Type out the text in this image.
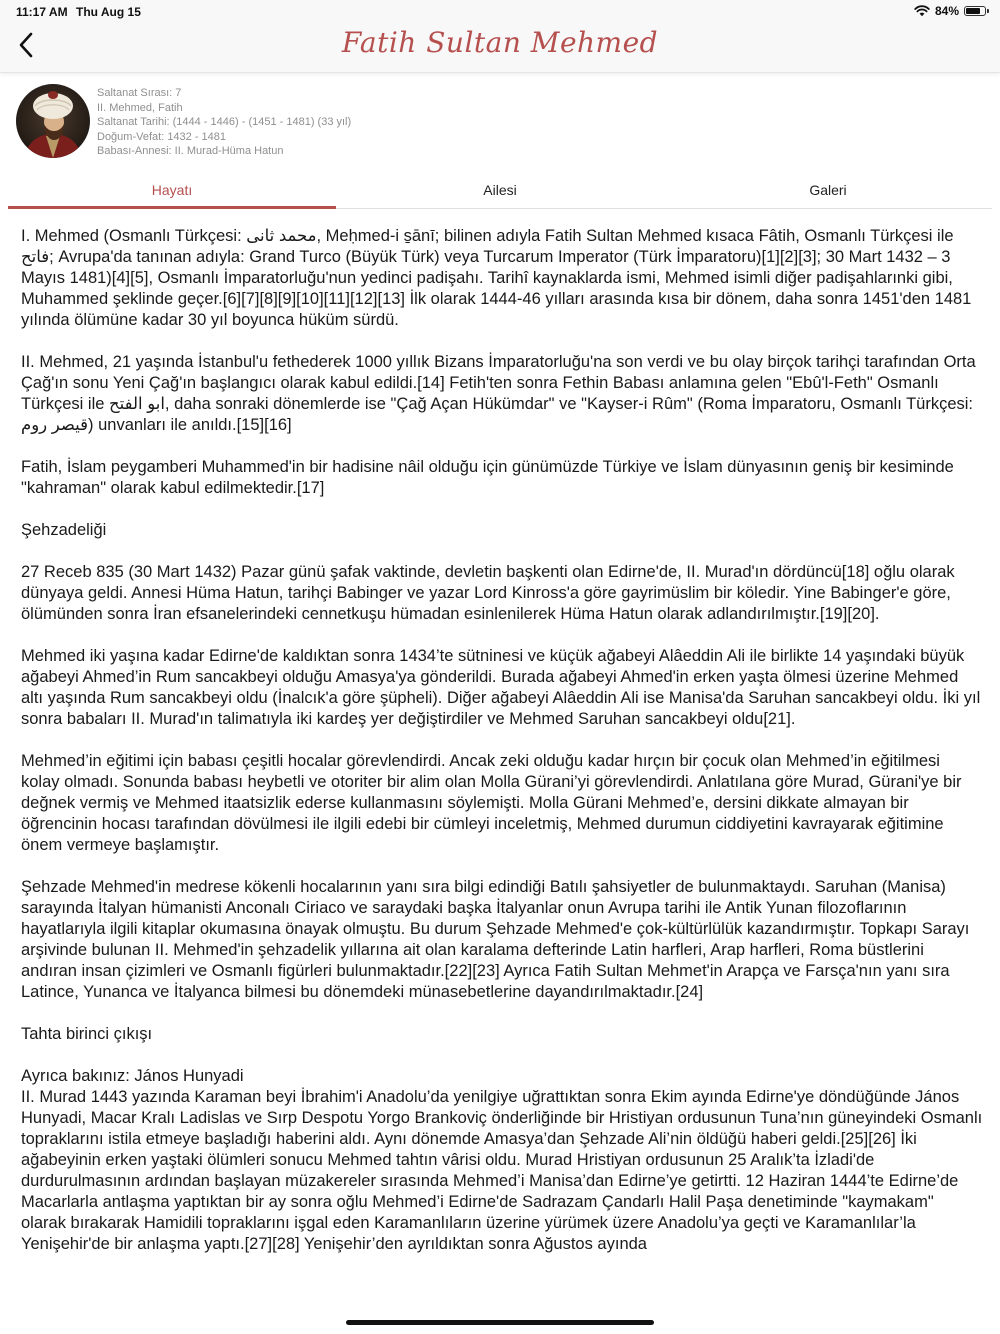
11:17 AM Thu Aug 15	84%
Fatih Sultan Mehmed
Saltanat Sırası: 7
II. Mehmed, Fatih
Saltanat Tarihi: (1444 - 1446) - (1451 - 1481) (33 yıl)
Doğum-Vefat: 1432 - 1481
Babası-Annesi: II. Murad-Hüma Hatun
Hayatı	Ailesi	Galeri

I. Mehmed (Osmanlı Türkçesi: محمد ثانى, Meḥmed-i s̱ānī; bilinen adıyla Fatih Sultan Mehmed kısaca Fâtih, Osmanlı Türkçesi ile فاتح; Avrupa'da tanınan adıyla: Grand Turco (Büyük Türk) veya Turcarum Imperator (Türk İmparatoru)[1][2][3]; 30 Mart 1432 – 3 Mayıs 1481)[4][5], Osmanlı İmparatorluğu'nun yedinci padişahı. Tarihî kaynaklarda ismi, Mehmed isimli diğer padişahlarınki gibi, Muhammed şeklinde geçer.[6][7][8][9][10][11][12][13] İlk olarak 1444-46 yılları arasında kısa bir dönem, daha sonra 1451'den 1481 yılında ölümüne kadar 30 yıl boyunca hüküm sürdü.

II. Mehmed, 21 yaşında İstanbul'u fethederek 1000 yıllık Bizans İmparatorluğu'na son verdi ve bu olay birçok tarihçi tarafından Orta Çağ'ın sonu Yeni Çağ'ın başlangıcı olarak kabul edildi.[14] Fetih'ten sonra Fethin Babası anlamına gelen "Ebû'l-Feth" Osmanlı Türkçesi ile ابو الفتح, daha sonraki dönemlerde ise "Çağ Açan Hükümdar" ve "Kayser-i Rûm" (Roma İmparatoru, Osmanlı Türkçesi: قيصر روم) unvanları ile anıldı.[15][16]

Fatih, İslam peygamberi Muhammed'in bir hadisine nâil olduğu için günümüzde Türkiye ve İslam dünyasının geniş bir kesiminde "kahraman" olarak kabul edilmektedir.[17]

Şehzadeliği

27 Receb 835 (30 Mart 1432) Pazar günü şafak vaktinde, devletin başkenti olan Edirne'de, II. Murad'ın dördüncü[18] oğlu olarak dünyaya geldi. Annesi Hüma Hatun, tarihçi Babinger ve yazar Lord Kinross'a göre gayrimüslim bir köledir. Yine Babinger'e göre, ölümünden sonra İran efsanelerindeki cennetkuşu hümadan esinlenilerek Hüma Hatun olarak adlandırılmıştır.[19][20].

Mehmed iki yaşına kadar Edirne'de kaldıktan sonra 1434’te sütninesi ve küçük ağabeyi Alâeddin Ali ile birlikte 14 yaşındaki büyük ağabeyi Ahmed’in Rum sancakbeyi olduğu Amasya'ya gönderildi. Burada ağabeyi Ahmed'in erken yaşta ölmesi üzerine Mehmed altı yaşında Rum sancakbeyi oldu (İnalcık'a göre şüpheli). Diğer ağabeyi Alâeddin Ali ise Manisa'da Saruhan sancakbeyi oldu. İki yıl sonra babaları II. Murad'ın talimatıyla iki kardeş yer değiştirdiler ve Mehmed Saruhan sancakbeyi oldu[21].

Mehmed’in eğitimi için babası çeşitli hocalar görevlendirdi. Ancak zeki olduğu kadar hırçın bir çocuk olan Mehmed’in eğitilmesi kolay olmadı. Sonunda babası heybetli ve otoriter bir alim olan Molla Gürani’yi görevlendirdi. Anlatılana göre Murad, Gürani'ye bir değnek vermiş ve Mehmed itaatsizlik ederse kullanmasını söylemişti. Molla Gürani Mehmed’e, dersini dikkate almayan bir öğrencinin hocası tarafından dövülmesi ile ilgili edebi bir cümleyi inceletmiş, Mehmed durumun ciddiyetini kavrayarak eğitimine önem vermeye başlamıştır.

Şehzade Mehmed'in medrese kökenli hocalarının yanı sıra bilgi edindiği Batılı şahsiyetler de bulunmaktaydı. Saruhan (Manisa) sarayında İtalyan hümanisti Anconalı Ciriaco ve saraydaki başka İtalyanlar onun Avrupa tarihi ile Antik Yunan filozoflarının hayatlarıyla ilgili kitaplar okumasına önayak olmuştu. Bu durum Şehzade Mehmed'e çok-kültürlülük kazandırmıştır. Topkapı Sarayı arşivinde bulunan II. Mehmed'in şehzadelik yıllarına ait olan karalama defterinde Latin harfleri, Arap harfleri, Roma büstlerini andıran insan çizimleri ve Osmanlı figürleri bulunmaktadır.[22][23] Ayrıca Fatih Sultan Mehmet'in Arapça ve Farsça'nın yanı sıra Latince, Yunanca ve İtalyanca bilmesi bu dönemdeki münasebetlerine dayandırılmaktadır.[24]

Tahta birinci çıkışı

Ayrıca bakınız: János Hunyadi

II. Murad 1443 yazında Karaman beyi İbrahim'i Anadolu’da yenilgiye uğrattıktan sonra Ekim ayında Edirne'ye döndüğünde János Hunyadi, Macar Kralı Ladislas ve Sırp Despotu Yorgo Brankoviç önderliğinde bir Hristiyan ordusunun Tuna’nın güneyindeki Osmanlı topraklarını istila etmeye başladığı haberini aldı. Aynı dönemde Amasya’dan Şehzade Ali’nin öldüğü haberi geldi.[25][26] İki ağabeyinin erken yaştaki ölümleri sonucu Mehmed tahtın vârisi oldu. Murad Hristiyan ordusunun 25 Aralık’ta İzladi'de durdurulmasının ardından başlayan müzakereler sırasında Mehmed’i Manisa’dan Edirne’ye getirtti. 12 Haziran 1444’te Edirne’de Macarlarla antlaşma yaptıktan bir ay sonra oğlu Mehmed’i Edirne'de Sadrazam Çandarlı Halil Paşa denetiminde "kaymakam" olarak bırakarak Hamidili topraklarını işgal eden Karamanlıların üzerine yürümek üzere Anadolu’ya geçti ve Karamanlılar’la Yenişehir'de bir anlaşma yaptı.[27][28] Yenişehir’den ayrıldıktan sonra Ağustos ayında
